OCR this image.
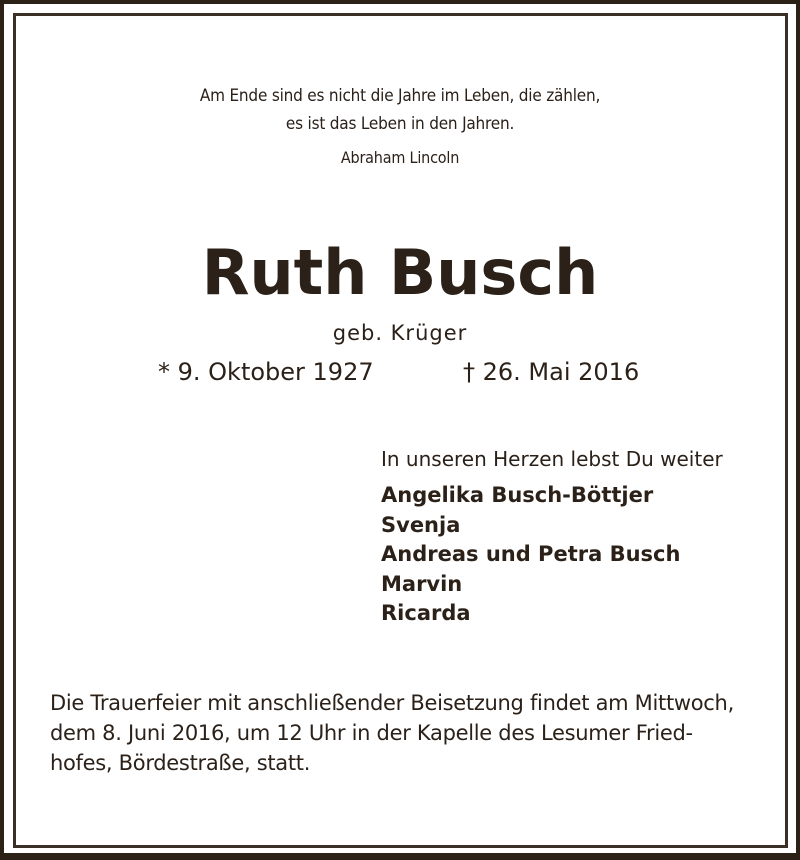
Am Ende sind es nicht die Jahre im Leben, die zählen,
es ist das Leben in den Jahren.
Abraham Lincoln
Ruth Busch
geb. Krüger
* 9. Oktober 1927	† 26. Mai 2016
In unseren Herzen lebst Du weiter
Angelika Busch-Böttjer
Svenja
Andreas und Petra Busch
Marvin
Ricarda
Die Trauerfeier mit anschließender Beisetzung findet am Mittwoch,
dem 8. Juni 2016, um 12 Uhr in der Kapelle des Lesumer Fried-
hofes, Bördestraße, statt.
